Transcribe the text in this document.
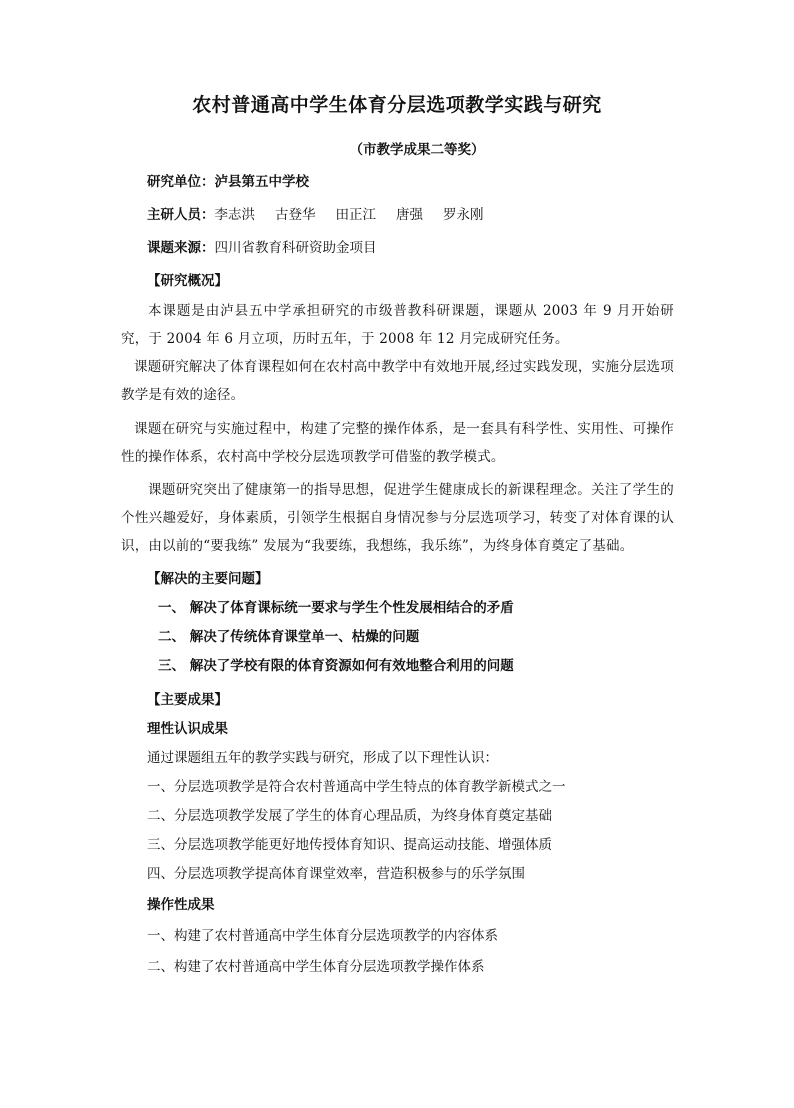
农村普通高中学生体育分层选项教学实践与研究
（市教学成果二等奖）
研究单位：泸县第五中学校
主研人员：李志洪 古登华 田正江 唐强 罗永刚
课题来源：四川省教育科研资助金项目
【研究概况】
本课题是由泸县五中学承担研究的市级普教科研课题，课题从 2003 年 9 月开始研究，于 2004 年 6 月立项，历时五年，于 2008 年 12 月完成研究任务。
课题研究解决了体育课程如何在农村高中教学中有效地开展,经过实践发现，实施分层选项教学是有效的途径。
课题在研究与实施过程中，构建了完整的操作体系，是一套具有科学性、实用性、可操作性的操作体系，农村高中学校分层选项教学可借鉴的教学模式。
课题研究突出了健康第一的指导思想，促进学生健康成长的新课程理念。关注了学生的个性兴趣爱好，身体素质，引领学生根据自身情况参与分层选项学习，转变了对体育课的认识，由以前的“要我练” 发展为“我要练，我想练，我乐练”，为终身体育奠定了基础。
【解决的主要问题】
一、 解决了体育课标统一要求与学生个性发展相结合的矛盾
二、 解决了传统体育课堂单一、枯燥的问题
三、 解决了学校有限的体育资源如何有效地整合利用的问题
【主要成果】
理性认识成果
通过课题组五年的教学实践与研究，形成了以下理性认识：
一、分层选项教学是符合农村普通高中学生特点的体育教学新模式之一
二、分层选项教学发展了学生的体育心理品质，为终身体育奠定基础
三、分层选项教学能更好地传授体育知识、提高运动技能、增强体质
四、分层选项教学提高体育课堂效率，营造积极参与的乐学氛围
操作性成果
一、构建了农村普通高中学生体育分层选项教学的内容体系
二、构建了农村普通高中学生体育分层选项教学操作体系
